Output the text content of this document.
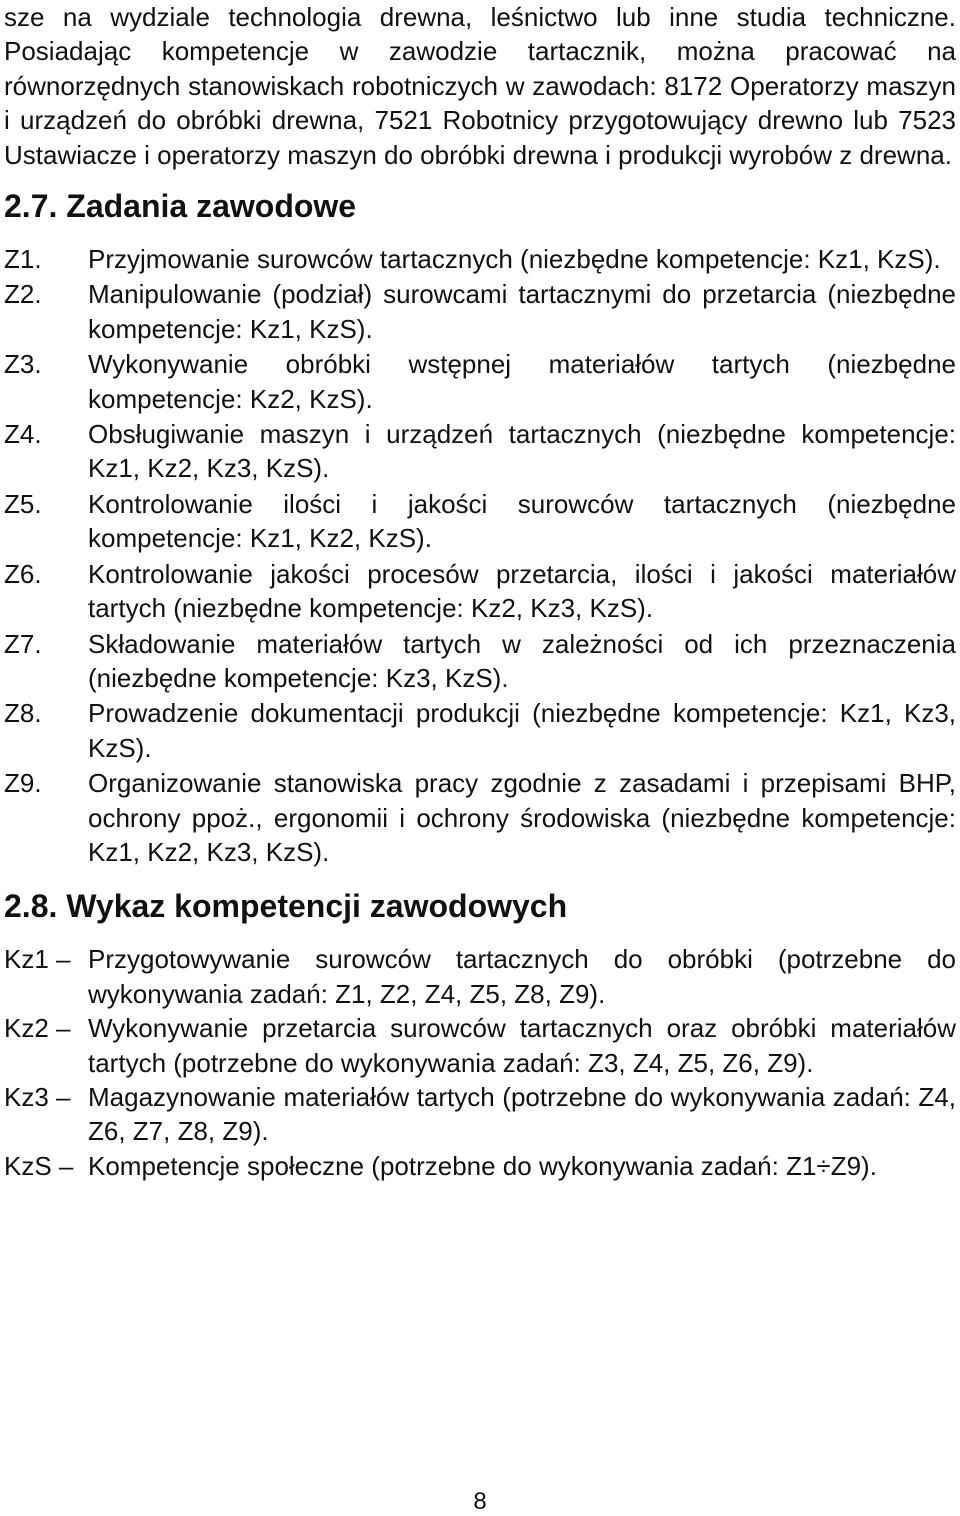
sze na wydziale technologia drewna, leśnictwo lub inne studia techniczne. Posiadając kompetencje w zawodzie tartacznik, można pracować na równorzędnych stanowiskach robotniczych w zawodach: 8172 Operatorzy maszyn i urządzeń do obróbki drewna, 7521 Robotnicy przygotowujący drewno lub 7523 Ustawiacze i operatorzy maszyn do obróbki drewna i produkcji wyrobów z drewna.

2.7. Zadania zawodowe
Z1.	Przyjmowanie surowców tartacznych (niezbędne kompetencje: Kz1, KzS).
Z2.	Manipulowanie (podział) surowcami tartacznymi do przetarcia (niezbędne kompetencje: Kz1, KzS).
Z3.	Wykonywanie obróbki wstępnej materiałów tartych (niezbędne kompetencje: Kz2, KzS).
Z4.	Obsługiwanie maszyn i urządzeń tartacznych (niezbędne kompetencje: Kz1, Kz2, Kz3, KzS).
Z5.	Kontrolowanie ilości i jakości surowców tartacznych (niezbędne kompetencje: Kz1, Kz2, KzS).
Z6.	Kontrolowanie jakości procesów przetarcia, ilości i jakości materiałów tartych (niezbędne kompetencje: Kz2, Kz3, KzS).
Z7.	Składowanie materiałów tartych w zależności od ich przeznaczenia (niezbędne kompetencje: Kz3, KzS).
Z8.	Prowadzenie dokumentacji produkcji (niezbędne kompetencje: Kz1, Kz3, KzS).
Z9.	Organizowanie stanowiska pracy zgodnie z zasadami i przepisami BHP, ochrony ppoż., ergonomii i ochrony środowiska (niezbędne kompetencje: Kz1, Kz2, Kz3, KzS).
2.8. Wykaz kompetencji zawodowych
Kz1 – Przygotowywanie surowców tartacznych do obróbki (potrzebne do wykonywania zadań: Z1, Z2, Z4, Z5, Z8, Z9).
Kz2 – Wykonywanie przetarcia surowców tartacznych oraz obróbki materiałów tartych (potrzebne do wykonywania zadań: Z3, Z4, Z5, Z6, Z9).
Kz3 – Magazynowanie materiałów tartych (potrzebne do wykonywania zadań: Z4, Z6, Z7, Z8, Z9).
KzS – Kompetencje społeczne (potrzebne do wykonywania zadań: Z1÷Z9).
8
